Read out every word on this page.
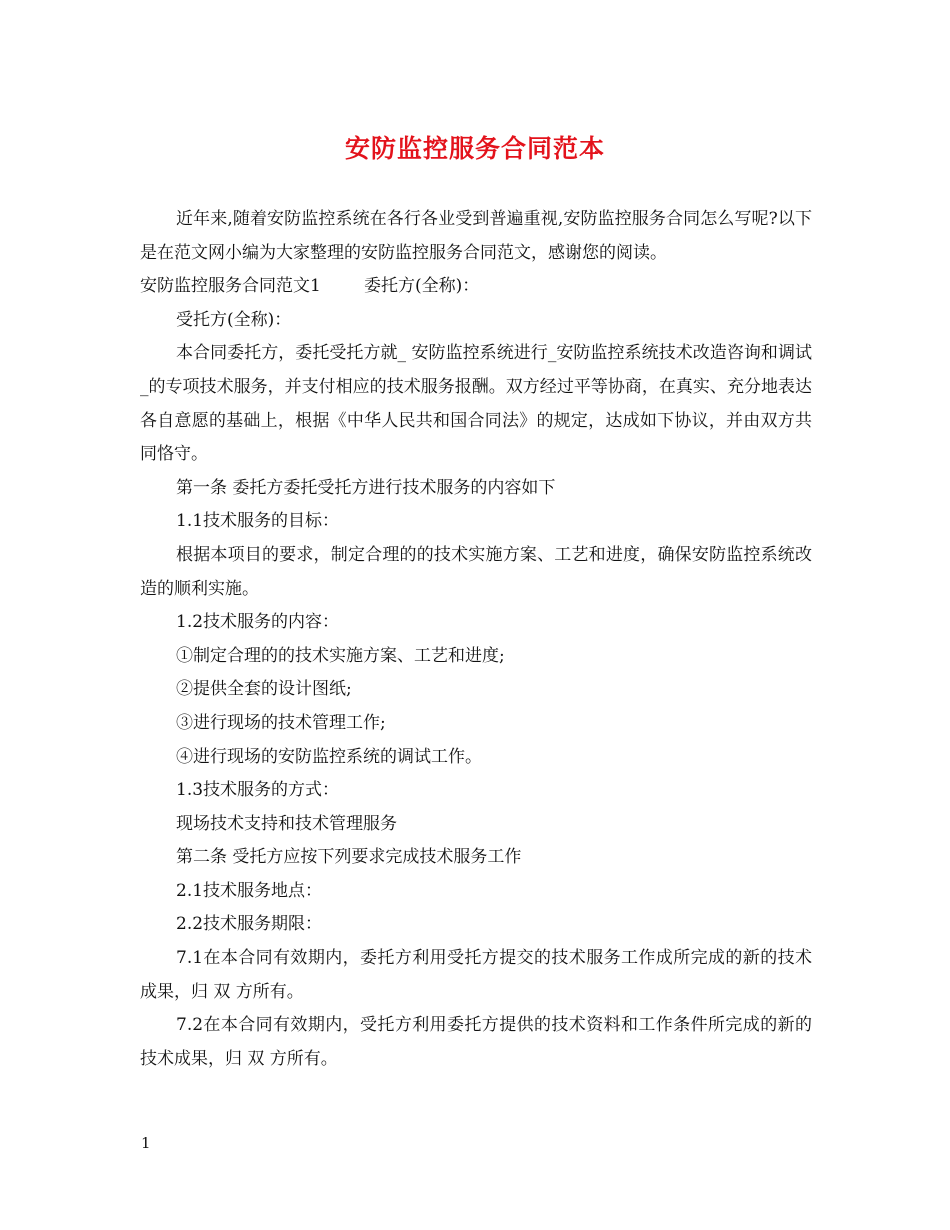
安防监控服务合同范本

近年来,随着安防监控系统在各行各业受到普遍重视,安防监控服务合同怎么写呢?以下是在范文网小编为大家整理的安防监控服务合同范文，感谢您的阅读。

安防监控服务合同范文1        委托方(全称)：

受托方(全称)：

本合同委托方，委托受托方就_ 安防监控系统进行_安防监控系统技术改造咨询和调试_的专项技术服务，并支付相应的技术服务报酬。双方经过平等协商，在真实、充分地表达各自意愿的基础上，根据《中华人民共和国合同法》的规定，达成如下协议，并由双方共同恪守。

第一条 委托方委托受托方进行技术服务的内容如下

1.1技术服务的目标：

根据本项目的要求，制定合理的的技术实施方案、工艺和进度，确保安防监控系统改造的顺利实施。

1.2技术服务的内容：

①制定合理的的技术实施方案、工艺和进度;

②提供全套的设计图纸;

③进行现场的技术管理工作;

④进行现场的安防监控系统的调试工作。

1.3技术服务的方式：

现场技术支持和技术管理服务

第二条 受托方应按下列要求完成技术服务工作

2.1技术服务地点：

2.2技术服务期限：

7.1在本合同有效期内，委托方利用受托方提交的技术服务工作成所完成的新的技术成果，归 双 方所有。

7.2在本合同有效期内，受托方利用委托方提供的技术资料和工作条件所完成的新的技术成果，归 双 方所有。

1
